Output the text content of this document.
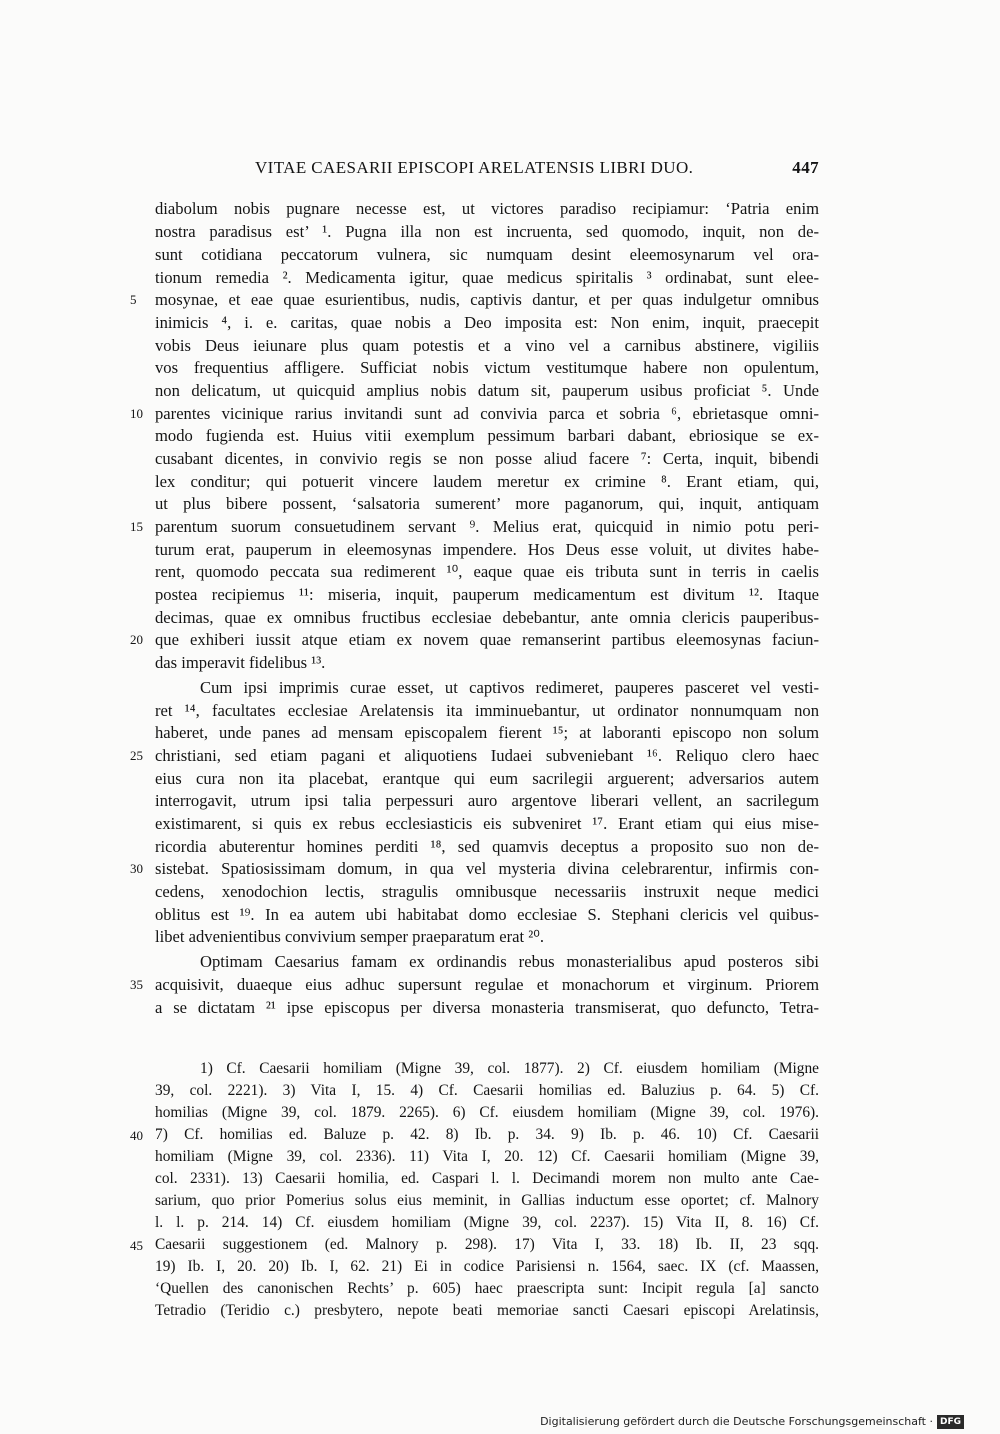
VITAE CAESARII EPISCOPI ARELATENSIS LIBRI DUO.	447
diabolum nobis pugnare necesse est, ut victores paradiso recipiamur: ‘Patria enim
nostra paradisus est’ ¹. Pugna illa non est incruenta, sed quomodo, inquit, non de-
sunt cotidiana peccatorum vulnera, sic numquam desint eleemosynarum vel ora-
tionum remedia ². Medicamenta igitur, quae medicus spiritalis ³ ordinabat, sunt elee-
mosynae, et eae quae esurientibus, nudis, captivis dantur, et per quas indulgetur omnibus
inimicis ⁴, i. e. caritas, quae nobis a Deo imposita est: Non enim, inquit, praecepit
vobis Deus ieiunare plus quam potestis et a vino vel a carnibus abstinere, vigiliis
vos frequentius affligere. Sufficiat nobis victum vestitumque habere non opulentum,
non delicatum, ut quicquid amplius nobis datum sit, pauperum usibus proficiat ⁵. Unde
parentes vicinique rarius invitandi sunt ad convivia parca et sobria ⁶, ebrietasque omni-
modo fugienda est. Huius vitii exemplum pessimum barbari dabant, ebriosique se ex-
cusabant dicentes, in convivio regis se non posse aliud facere ⁷: Certa, inquit, bibendi
lex conditur; qui potuerit vincere laudem meretur ex crimine ⁸. Erant etiam, qui,
ut plus bibere possent, ‘salsatoria sumerent’ more paganorum, qui, inquit, antiquam
parentum suorum consuetudinem servant ⁹. Melius erat, quicquid in nimio potu peri-
turum erat, pauperum in eleemosynas impendere. Hos Deus esse voluit, ut divites habe-
rent, quomodo peccata sua redimerent ¹⁰, eaque quae eis tributa sunt in terris in caelis
postea recipiemus ¹¹: miseria, inquit, pauperum medicamentum est divitum ¹². Itaque
decimas, quae ex omnibus fructibus ecclesiae debebantur, ante omnia clericis pauperibus-
que exhiberi iussit atque etiam ex novem quae remanserint partibus eleemosynas faciun-
das imperavit fidelibus ¹³.
Cum ipsi imprimis curae esset, ut captivos redimeret, pauperes pasceret vel vesti-
ret ¹⁴, facultates ecclesiae Arelatensis ita imminuebantur, ut ordinator nonnumquam non
haberet, unde panes ad mensam episcopalem fierent ¹⁵; at laboranti episcopo non solum
christiani, sed etiam pagani et aliquotiens Iudaei subveniebant ¹⁶. Reliquo clero haec
eius cura non ita placebat, erantque qui eum sacrilegii arguerent; adversarios autem
interrogavit, utrum ipsi talia perpessuri auro argentove liberari vellent, an sacrilegum
existimarent, si quis ex rebus ecclesiasticis eis subveniret ¹⁷. Erant etiam qui eius mise-
ricordia abuterentur homines perditi ¹⁸, sed quamvis deceptus a proposito suo non de-
sistebat. Spatiosissimam domum, in qua vel mysteria divina celebrarentur, infirmis con-
cedens, xenodochion lectis, stragulis omnibusque necessariis instruxit neque medici
oblitus est ¹⁹. In ea autem ubi habitabat domo ecclesiae S. Stephani clericis vel quibus-
libet advenientibus convivium semper praeparatum erat ²⁰.
Optimam Caesarius famam ex ordinandis rebus monasterialibus apud posteros sibi
acquisivit, duaeque eius adhuc supersunt regulae et monachorum et virginum. Priorem
a se dictatam ²¹ ipse episcopus per diversa monasteria transmiserat, quo defuncto, Tetra-
5
10
15
20
25
30
35
1) Cf. Caesarii homiliam (Migne 39, col. 1877). 2) Cf. eiusdem homiliam (Migne
39, col. 2221). 3) Vita I, 15. 4) Cf. Caesarii homilias ed. Baluzius p. 64. 5) Cf.
homilias (Migne 39, col. 1879. 2265). 6) Cf. eiusdem homiliam (Migne 39, col. 1976).
7) Cf. homilias ed. Baluze p. 42. 8) Ib. p. 34. 9) Ib. p. 46. 10) Cf. Caesarii
homiliam (Migne 39, col. 2336). 11) Vita I, 20. 12) Cf. Caesarii homiliam (Migne 39,
col. 2331). 13) Caesarii homilia, ed. Caspari l. l. Decimandi morem non multo ante Cae-
sarium, quo prior Pomerius solus eius meminit, in Gallias inductum esse oportet; cf. Malnory
l. l. p. 214. 14) Cf. eiusdem homiliam (Migne 39, col. 2237). 15) Vita II, 8. 16) Cf.
Caesarii suggestionem (ed. Malnory p. 298). 17) Vita I, 33. 18) Ib. II, 23 sqq.
19) Ib. I, 20. 20) Ib. I, 62. 21) Ei in codice Parisiensi n. 1564, saec. IX (cf. Maassen,
‘Quellen des canonischen Rechts’ p. 605) haec praescripta sunt: Incipit regula [a] sancto
Tetradio (Teridio c.) presbytero, nepote beati memoriae sancti Caesari episcopi Arelatinsis,
40
45
Digitalisierung gefördert durch die Deutsche Forschungsgemeinschaft · DFG
